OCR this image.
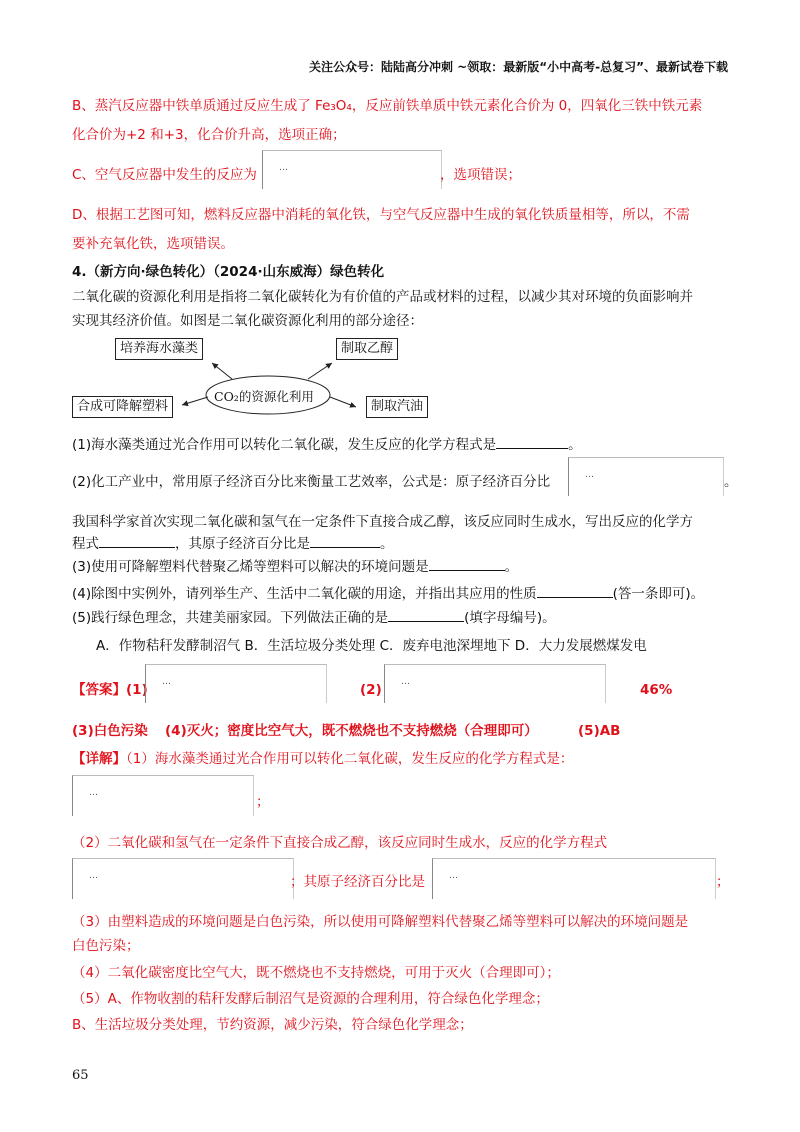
关注公众号：陆陆高分冲刺 ~领取：最新版“小中高考-总复习”、最新试卷下载
B、蒸汽反应器中铁单质通过反应生成了 Fe₃O₄，反应前铁单质中铁元素化合价为 0，四氧化三铁中铁元素
化合价为+2 和+3，化合价升高，选项正确；
C、空气反应器中发生的反应为 …	，选项错误；
D、根据工艺图可知，燃料反应器中消耗的氧化铁，与空气反应器中生成的氧化铁质量相等，所以，不需
要补充氧化铁，选项错误。
4.（新方向·绿色转化）（2024·山东威海）绿色转化
二氧化碳的资源化利用是指将二氧化碳转化为有价值的产品或材料的过程，以减少其对环境的负面影响并
实现其经济价值。如图是二氧化碳资源化利用的部分途径：
培养海水藻类	制取乙醇
合成可降解塑料	制取汽油
CO₂的资源化利用
(1)海水藻类通过光合作用可以转化二氧化碳，发生反应的化学方程式是	。
(2)化工产业中，常用原子经济百分比来衡量工艺效率，公式是：原子经济百分比	…	。
我国科学家首次实现二氧化碳和氢气在一定条件下直接合成乙醇，该反应同时生成水，写出反应的化学方
程式	，其原子经济百分比是	。
(3)使用可降解塑料代替聚乙烯等塑料可以解决的环境问题是	。
(4)除图中实例外，请列举生产、生活中二氧化碳的用途，并指出其应用的性质	(答一条即可)。
(5)践行绿色理念，共建美丽家园。下列做法正确的是	(填字母编号)。
A．作物秸秆发酵制沼气 B．生活垃圾分类处理 C．废弃电池深埋地下 D．大力发展燃煤发电
【答案】(1) …	(2) …	46%
(3)白色污染 (4)灭火；密度比空气大，既不燃烧也不支持燃烧（合理即可）	(5)AB
【详解】（1）海水藻类通过光合作用可以转化二氧化碳，发生反应的化学方程式是：
…
；
（2）二氧化碳和氢气在一定条件下直接合成乙醇，该反应同时生成水，反应的化学方程式
…	；其原子经济百分比是	…	；
（3）由塑料造成的环境问题是白色污染，所以使用可降解塑料代替聚乙烯等塑料可以解决的环境问题是
白色污染；
（4）二氧化碳密度比空气大，既不燃烧也不支持燃烧，可用于灭火（合理即可）；
（5）A、作物收割的秸秆发酵后制沼气是资源的合理利用，符合绿色化学理念；
B、生活垃圾分类处理，节约资源，减少污染，符合绿色化学理念；
65
